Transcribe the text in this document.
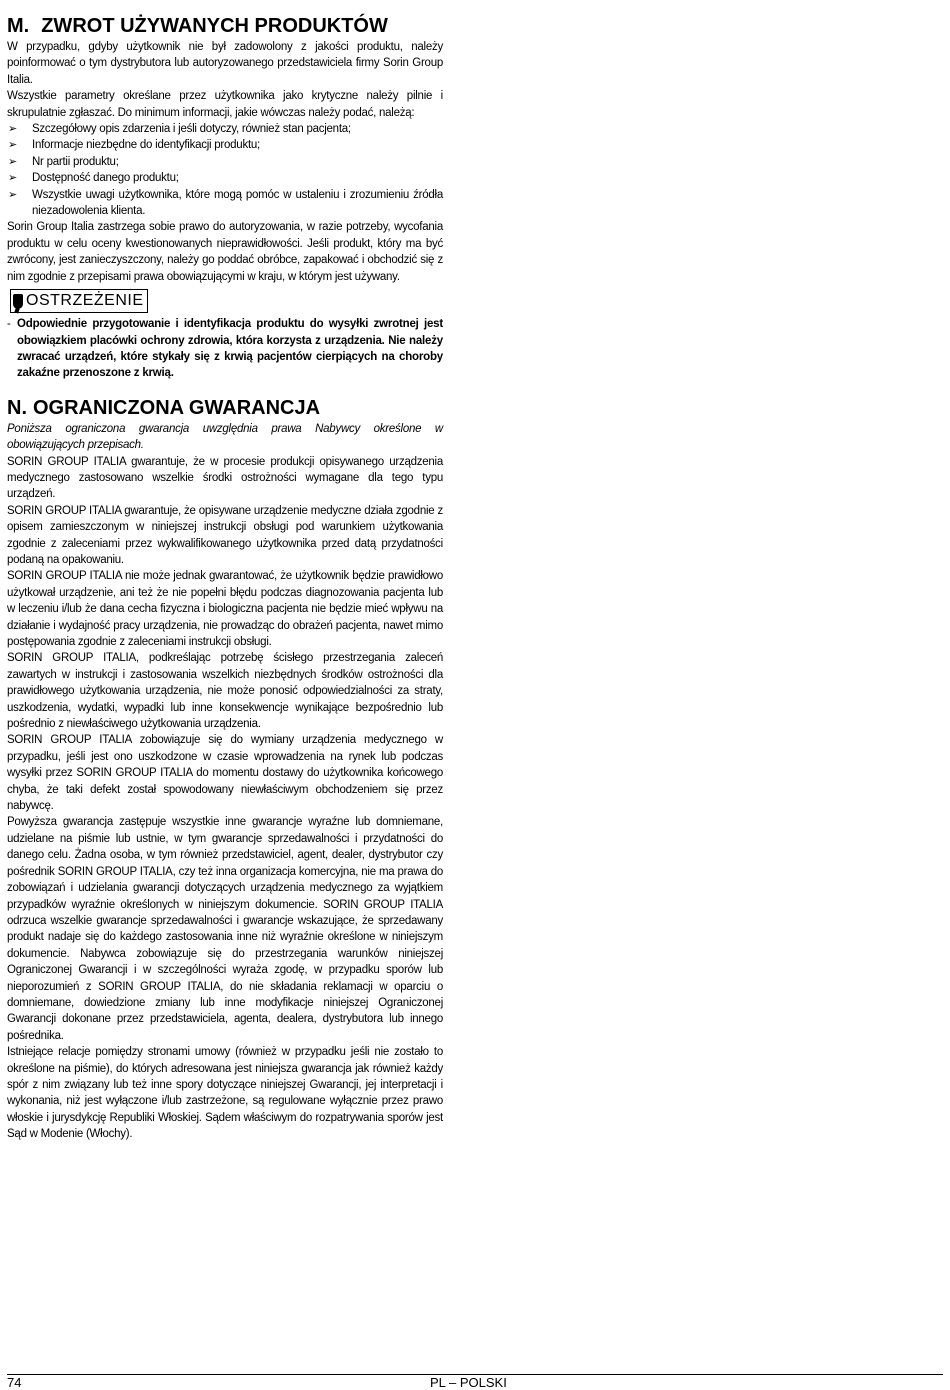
M. ZWROT UŻYWANYCH PRODUKTÓW

W przypadku, gdyby użytkownik nie był zadowolony z jakości produktu, należy poinformować o tym dystrybutora lub autoryzowanego przedstawiciela firmy Sorin Group Italia.

Wszystkie parametry określane przez użytkownika jako krytyczne należy pilnie i skrupulatnie zgłaszać. Do minimum informacji, jakie wówczas należy podać, należą:

➢ Szczegółowy opis zdarzenia i jeśli dotyczy, również stan pacjenta;
➢ Informacje niezbędne do identyfikacji produktu;
➢ Nr partii produktu;
➢ Dostępność danego produktu;
➢ Wszystkie uwagi użytkownika, które mogą pomóc w ustaleniu i zrozumieniu źródła niezadowolenia klienta.

Sorin Group Italia zastrzega sobie prawo do autoryzowania, w razie potrzeby, wycofania produktu w celu oceny kwestionowanych nieprawidłowości. Jeśli produkt, który ma być zwrócony, jest zanieczyszczony, należy go poddać obróbce, zapakować i obchodzić się z nim zgodnie z przepisami prawa obowiązującymi w kraju, w którym jest używany.

OSTRZEŻENIE

- Odpowiednie przygotowanie i identyfikacja produktu do wysyłki zwrotnej jest obowiązkiem placówki ochrony zdrowia, która korzysta z urządzenia. Nie należy zwracać urządzeń, które stykały się z krwią pacjentów cierpiących na choroby zakaźne przenoszone z krwią.

N. OGRANICZONA GWARANCJA

Poniższa ograniczona gwarancja uwzględnia prawa Nabywcy określone w obowiązujących przepisach.

SORIN GROUP ITALIA gwarantuje, że w procesie produkcji opisywanego urządzenia medycznego zastosowano wszelkie środki ostrożności wymagane dla tego typu urządzeń.

SORIN GROUP ITALIA gwarantuje, że opisywane urządzenie medyczne działa zgodnie z opisem zamieszczonym w niniejszej instrukcji obsługi pod warunkiem użytkowania zgodnie z zaleceniami przez wykwalifikowanego użytkownika przed datą przydatności podaną na opakowaniu.

SORIN GROUP ITALIA nie może jednak gwarantować, że użytkownik będzie prawidłowo użytkował urządzenie, ani też że nie popełni błędu podczas diagnozowania pacjenta lub w leczeniu i/lub że dana cecha fizyczna i biologiczna pacjenta nie będzie mieć wpływu na działanie i wydajność pracy urządzenia, nie prowadząc do obrażeń pacjenta, nawet mimo postępowania zgodnie z zaleceniami instrukcji obsługi.

SORIN GROUP ITALIA, podkreślając potrzebę ścisłego przestrzegania zaleceń zawartych w instrukcji i zastosowania wszelkich niezbędnych środków ostrożności dla prawidłowego użytkowania urządzenia, nie może ponosić odpowiedzialności za straty, uszkodzenia, wydatki, wypadki lub inne konsekwencje wynikające bezpośrednio lub pośrednio z niewłaściwego użytkowania urządzenia.

SORIN GROUP ITALIA zobowiązuje się do wymiany urządzenia medycznego w przypadku, jeśli jest ono uszkodzone w czasie wprowadzenia na rynek lub podczas wysyłki przez SORIN GROUP ITALIA do momentu dostawy do użytkownika końcowego chyba, że taki defekt został spowodowany niewłaściwym obchodzeniem się przez nabywcę.

Powyższa gwarancja zastępuje wszystkie inne gwarancje wyraźne lub domniemane, udzielane na piśmie lub ustnie, w tym gwarancje sprzedawalności i przydatności do danego celu. Żadna osoba, w tym również przedstawiciel, agent, dealer, dystrybutor czy pośrednik SORIN GROUP ITALIA, czy też inna organizacja komercyjna, nie ma prawa do zobowiązań i udzielania gwarancji dotyczących urządzenia medycznego za wyjątkiem przypadków wyraźnie określonych w niniejszym dokumencie. SORIN GROUP ITALIA odrzuca wszelkie gwarancje sprzedawalności i gwarancje wskazujące, że sprzedawany produkt nadaje się do każdego zastosowania inne niż wyraźnie określone w niniejszym dokumencie. Nabywca zobowiązuje się do przestrzegania warunków niniejszej Ograniczonej Gwarancji i w szczególności wyraża zgodę, w przypadku sporów lub nieporozumień z SORIN GROUP ITALIA, do nie składania reklamacji w oparciu o domniemane, dowiedzione zmiany lub inne modyfikacje niniejszej Ograniczonej Gwarancji dokonane przez przedstawiciela, agenta, dealera, dystrybutora lub innego pośrednika.

Istniejące relacje pomiędzy stronami umowy (również w przypadku jeśli nie zostało to określone na piśmie), do których adresowana jest niniejsza gwarancja jak również każdy spór z nim związany lub też inne spory dotyczące niniejszej Gwarancji, jej interpretacji i wykonania, niż jest wyłączone i/lub zastrzeżone, są regulowane wyłącznie przez prawo włoskie i jurysdykcję Republiki Włoskiej. Sądem właściwym do rozpatrywania sporów jest Sąd w Modenie (Włochy).

74	PL – POLSKI
